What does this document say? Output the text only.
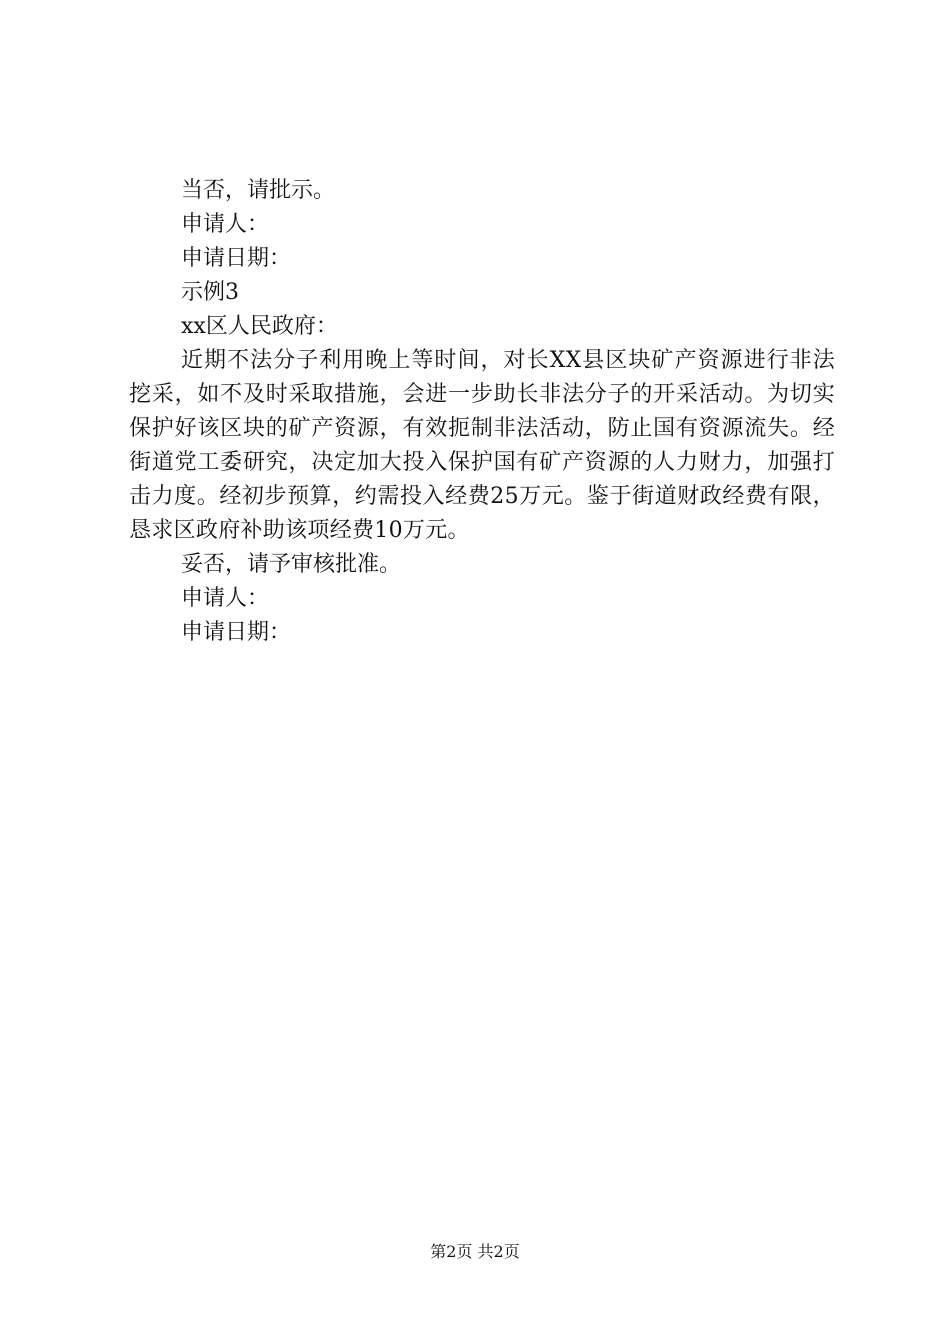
当否，请批示。

申请人：

申请日期：

示例3

xx区人民政府：

近期不法分子利用晚上等时间，对长XX县区块矿产资源进行非法挖采，如不及时采取措施，会进一步助长非法分子的开采活动。为切实保护好该区块的矿产资源，有效扼制非法活动，防止国有资源流失。经街道党工委研究，决定加大投入保护国有矿产资源的人力财力，加强打击力度。经初步预算，约需投入经费25万元。鉴于街道财政经费有限，恳求区政府补助该项经费10万元。

妥否，请予审核批准。

申请人：

申请日期：

第2页 共2页
